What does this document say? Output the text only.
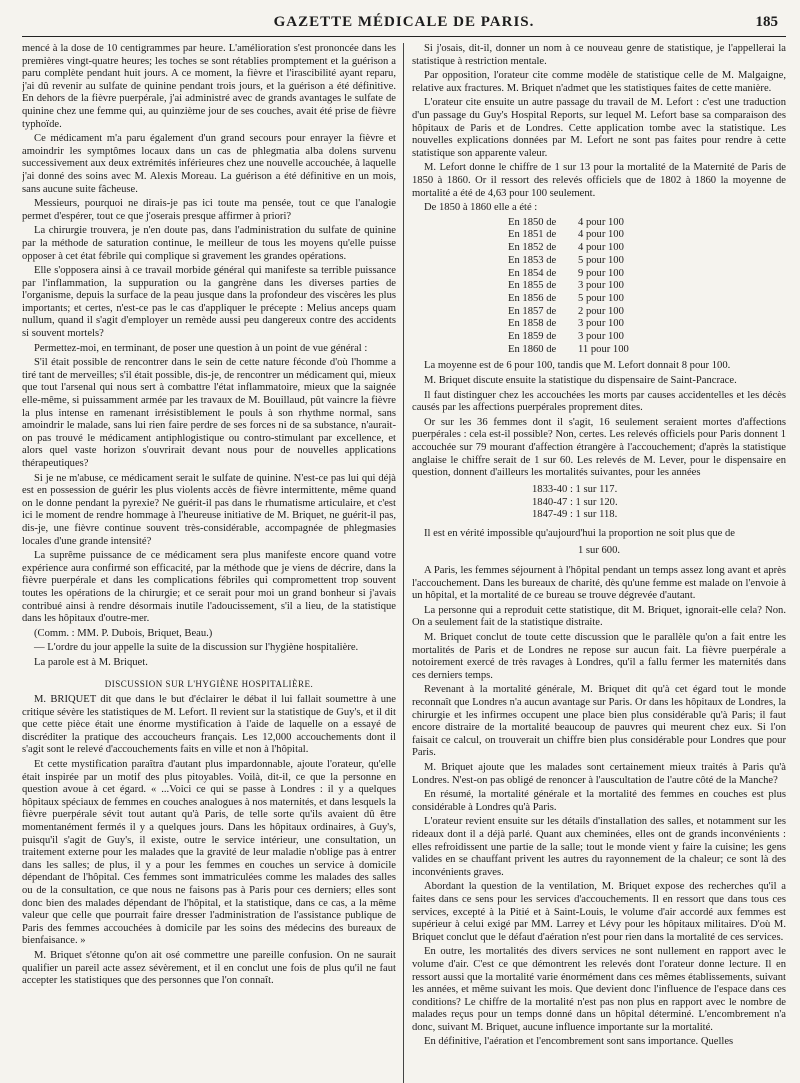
GAZETTE MÉDICALE DE PARIS.	185

mencé à la dose de 10 centigrammes par heure. L'amélioration s'est prononcée dans les premières vingt-quatre heures; les toches se sont rétablies promptement et la guérison a paru complète pendant huit jours. A ce moment, la fièvre et l'irascibilité ayant reparu, j'ai dû revenir au sulfate de quinine pendant trois jours, et la guérison a été définitive. En dehors de la fièvre puerpérale, j'ai administré avec de grands avantages le sulfate de quinine chez une femme qui, au quinzième jour de ses couches, avait été prise de fièvre typhoïde.

Ce médicament m'a paru également d'un grand secours pour enrayer la fièvre et amoindrir les symptômes locaux dans un cas de phlegmatia alba dolens survenu successivement aux deux extrémités inférieures chez une nouvelle accouchée, à laquelle j'ai donné des soins avec M. Alexis Moreau. La guérison a été définitive en un mois, sans aucune suite fâcheuse.

Messieurs, pourquoi ne dirais-je pas ici toute ma pensée, tout ce que l'analogie permet d'espérer, tout ce que j'oserais presque affirmer à priori?

La chirurgie trouvera, je n'en doute pas, dans l'administration du sulfate de quinine par la méthode de saturation continue, le meilleur de tous les moyens qu'elle puisse opposer à cet état fébrile qui complique si gravement les grandes opérations.

Elle s'opposera ainsi à ce travail morbide général qui manifeste sa terrible puissance par l'inflammation, la suppuration ou la gangrène dans les diverses parties de l'organisme, depuis la surface de la peau jusque dans la profondeur des viscères les plus importants; et certes, n'est-ce pas le cas d'appliquer le précepte : Melius anceps quam nullum, quand il s'agit d'employer un remède aussi peu dangereux contre des accidents si souvent mortels?

Permettez-moi, en terminant, de poser une question à un point de vue général :

S'il était possible de rencontrer dans le sein de cette nature féconde d'où l'homme a tiré tant de merveilles; s'il était possible, dis-je, de rencontrer un médicament qui, mieux que tout l'arsenal qui nous sert à combattre l'état inflammatoire, mieux que la saignée elle-même, si puissamment armée par les travaux de M. Bouillaud, pût vaincre la fièvre la plus intense en ramenant irrésistiblement le pouls à son rhythme normal, sans amoindrir le malade, sans lui rien faire perdre de ses forces ni de sa substance, n'aurait-on pas trouvé le médicament antiphlogistique ou contro-stimulant par excellence, et alors quel vaste horizon s'ouvrirait devant nous pour de nouvelles applications thérapeutiques?

Si je ne m'abuse, ce médicament serait le sulfate de quinine. N'est-ce pas lui qui déjà est en possession de guérir les plus violents accès de fièvre intermittente, même quand on le donne pendant la pyrexie? Ne guérit-il pas dans le rhumatisme articulaire, et c'est ici le moment de rendre hommage à l'heureuse initiative de M. Briquet, ne guérit-il pas, dis-je, une fièvre continue souvent très-considérable, accompagnée de phlegmasies locales d'une grande intensité?

La suprême puissance de ce médicament sera plus manifeste encore quand votre expérience aura confirmé son efficacité, par la méthode que je viens de décrire, dans la fièvre puerpérale et dans les complications fébriles qui compromettent trop souvent toutes les opérations de la chirurgie; et ce serait pour moi un grand bonheur si j'avais contribué ainsi à rendre désormais inutile l'adoucissement, s'il a lieu, de la statistique dans les hôpitaux d'outre-mer.

(Comm. : MM. P. Dubois, Briquet, Beau.)

— L'ordre du jour appelle la suite de la discussion sur l'hygiène hospitalière.

La parole est à M. Briquet.

DISCUSSION SUR L'HYGIÈNE HOSPITALIÈRE.

M. BRIQUET dit que dans le but d'éclairer le débat il lui fallait soumettre à une critique sévère les statistiques de M. Lefort. Il revient sur la statistique de Guy's, et il dit que cette pièce était une énorme mystification à l'aide de laquelle on a essayé de discréditer la pratique des accoucheurs français. Les 12,000 accouchements dont il s'agit sont le relevé d'accouchements faits en ville et non à l'hôpital.

Et cette mystification paraîtra d'autant plus impardonnable, ajoute l'orateur, qu'elle était inspirée par un motif des plus pitoyables. Voilà, dit-il, ce que la personne en question avoue à cet égard. « ...Voici ce qui se passe à Londres : il y a quelques hôpitaux spéciaux de femmes en couches analogues à nos maternités, et dans lesquels la fièvre puerpérale sévit tout autant qu'à Paris, de telle sorte qu'ils avaient dû être momentanément fermés il y a quelques jours. Dans les hôpitaux ordinaires, à Guy's, puisqu'il s'agit de Guy's, il existe, outre le service intérieur, une consultation, un traitement externe pour les malades que la gravité de leur maladie n'oblige pas à entrer dans les salles; de plus, il y a pour les femmes en couches un service à domicile dépendant de l'hôpital. Ces femmes sont immatriculées comme les malades des salles ou de la consultation, ce que nous ne faisons pas à Paris pour ces derniers; elles sont donc bien des malades dépendant de l'hôpital, et la statistique, dans ce cas, a la même valeur que celle que pourrait faire dresser l'administration de l'assistance publique de Paris des femmes accouchées à domicile par les soins des médecins des bureaux de bienfaisance. »

M. Briquet s'étonne qu'on ait osé commettre une pareille confusion. On ne saurait qualifier un pareil acte assez sévèrement, et il en conclut une fois de plus qu'il ne faut accepter les statistiques que des personnes que l'on connaît.

Si j'osais, dit-il, donner un nom à ce nouveau genre de statistique, je l'appellerai la statistique à restriction mentale.

Par opposition, l'orateur cite comme modèle de statistique celle de M. Malgaigne, relative aux fractures. M. Briquet n'admet que les statistiques faites de cette manière.

L'orateur cite ensuite un autre passage du travail de M. Lefort : c'est une traduction d'un passage du Guy's Hospital Reports, sur lequel M. Lefort base sa comparaison des hôpitaux de Paris et de Londres. Cette application tombe avec la statistique. Les nouvelles explications données par M. Lefort ne sont pas faites pour rendre à cette statistique son apparente valeur.

M. Lefort donne le chiffre de 1 sur 13 pour la mortalité de la Maternité de Paris de 1850 à 1860. Or il ressort des relevés officiels que de 1802 à 1860 la moyenne de mortalité a été de 4,63 pour 100 seulement.

De 1850 à 1860 elle a été :

En 1850 de	4 pour 100
En 1851 de	4 pour 100
En 1852 de	4 pour 100
En 1853 de	5 pour 100
En 1854 de	9 pour 100
En 1855 de	3 pour 100
En 1856 de	5 pour 100
En 1857 de	2 pour 100
En 1858 de	3 pour 100
En 1859 de	3 pour 100
En 1860 de	11 pour 100

La moyenne est de 6 pour 100, tandis que M. Lefort donnait 8 pour 100.

M. Briquet discute ensuite la statistique du dispensaire de Saint-Pancrace.

Il faut distinguer chez les accouchées les morts par causes accidentelles et les décès causés par les affections puerpérales proprement dites.

Or sur les 36 femmes dont il s'agit, 16 seulement seraient mortes d'affections puerpérales : cela est-il possible? Non, certes. Les relevés officiels pour Paris donnent 1 accouchée sur 79 mourant d'affection étrangère à l'accouchement; d'après la statistique anglaise le chiffre serait de 1 sur 60. Les relevés de M. Lever, pour le dispensaire en question, donnent d'ailleurs les mortalités suivantes, pour les années

1833-40 : 1 sur 117.
1840-47 : 1 sur 120.
1847-49 : 1 sur 118.

Il est en vérité impossible qu'aujourd'hui la proportion ne soit plus que de

1 sur 600.

A Paris, les femmes séjournent à l'hôpital pendant un temps assez long avant et après l'accouchement. Dans les bureaux de charité, dès qu'une femme est malade on l'envoie à un hôpital, et la mortalité de ce bureau se trouve dégrevée d'autant.

La personne qui a reproduit cette statistique, dit M. Briquet, ignorait-elle cela? Non. On a seulement fait de la statistique distraite.

M. Briquet conclut de toute cette discussion que le parallèle qu'on a fait entre les mortalités de Paris et de Londres ne repose sur aucun fait. La fièvre puerpérale a notoirement exercé de très ravages à Londres, qu'il a fallu fermer les maternités dans ces derniers temps.

Revenant à la mortalité générale, M. Briquet dit qu'à cet égard tout le monde reconnaît que Londres n'a aucun avantage sur Paris. Or dans les hôpitaux de Londres, la chirurgie et les infirmes occupent une place bien plus considérable qu'à Paris; il faut encore distraire de la mortalité beaucoup de pauvres qui meurent chez eux. Si l'on faisait ce calcul, on trouverait un chiffre bien plus considérable pour Londres que pour Paris.

M. Briquet ajoute que les malades sont certainement mieux traités à Paris qu'à Londres. N'est-on pas obligé de renoncer à l'auscultation de l'autre côté de la Manche?

En résumé, la mortalité générale et la mortalité des femmes en couches est plus considérable à Londres qu'à Paris.

L'orateur revient ensuite sur les détails d'installation des salles, et notamment sur les rideaux dont il a déjà parlé. Quant aux cheminées, elles ont de grands inconvénients : elles refroidissent une partie de la salle; tout le monde vient y faire la cuisine; les gens valides en se chauffant privent les autres du rayonnement de la chaleur; ce sont là des inconvénients graves.

Abordant la question de la ventilation, M. Briquet expose des recherches qu'il a faites dans ce sens pour les services d'accouchements. Il en ressort que dans tous ces services, excepté à la Pitié et à Saint-Louis, le volume d'air accordé aux femmes est supérieur à celui exigé par MM. Larrey et Lévy pour les hôpitaux militaires. D'où M. Briquet conclut que le défaut d'aération n'est pour rien dans la mortalité de ces services.

En outre, les mortalités des divers services ne sont nullement en rapport avec le volume d'air. C'est ce que démontrent les relevés dont l'orateur donne lecture. Il en ressort aussi que la mortalité varie énormément dans ces mêmes établissements, suivant les années, et même suivant les mois. Que devient donc l'influence de l'espace dans ces conditions? Le chiffre de la mortalité n'est pas non plus en rapport avec le nombre de malades reçus pour un temps donné dans un hôpital déterminé. L'encombrement n'a donc, suivant M. Briquet, aucune influence importante sur la mortalité.

En définitive, l'aération et l'encombrement sont sans importance. Quelles
